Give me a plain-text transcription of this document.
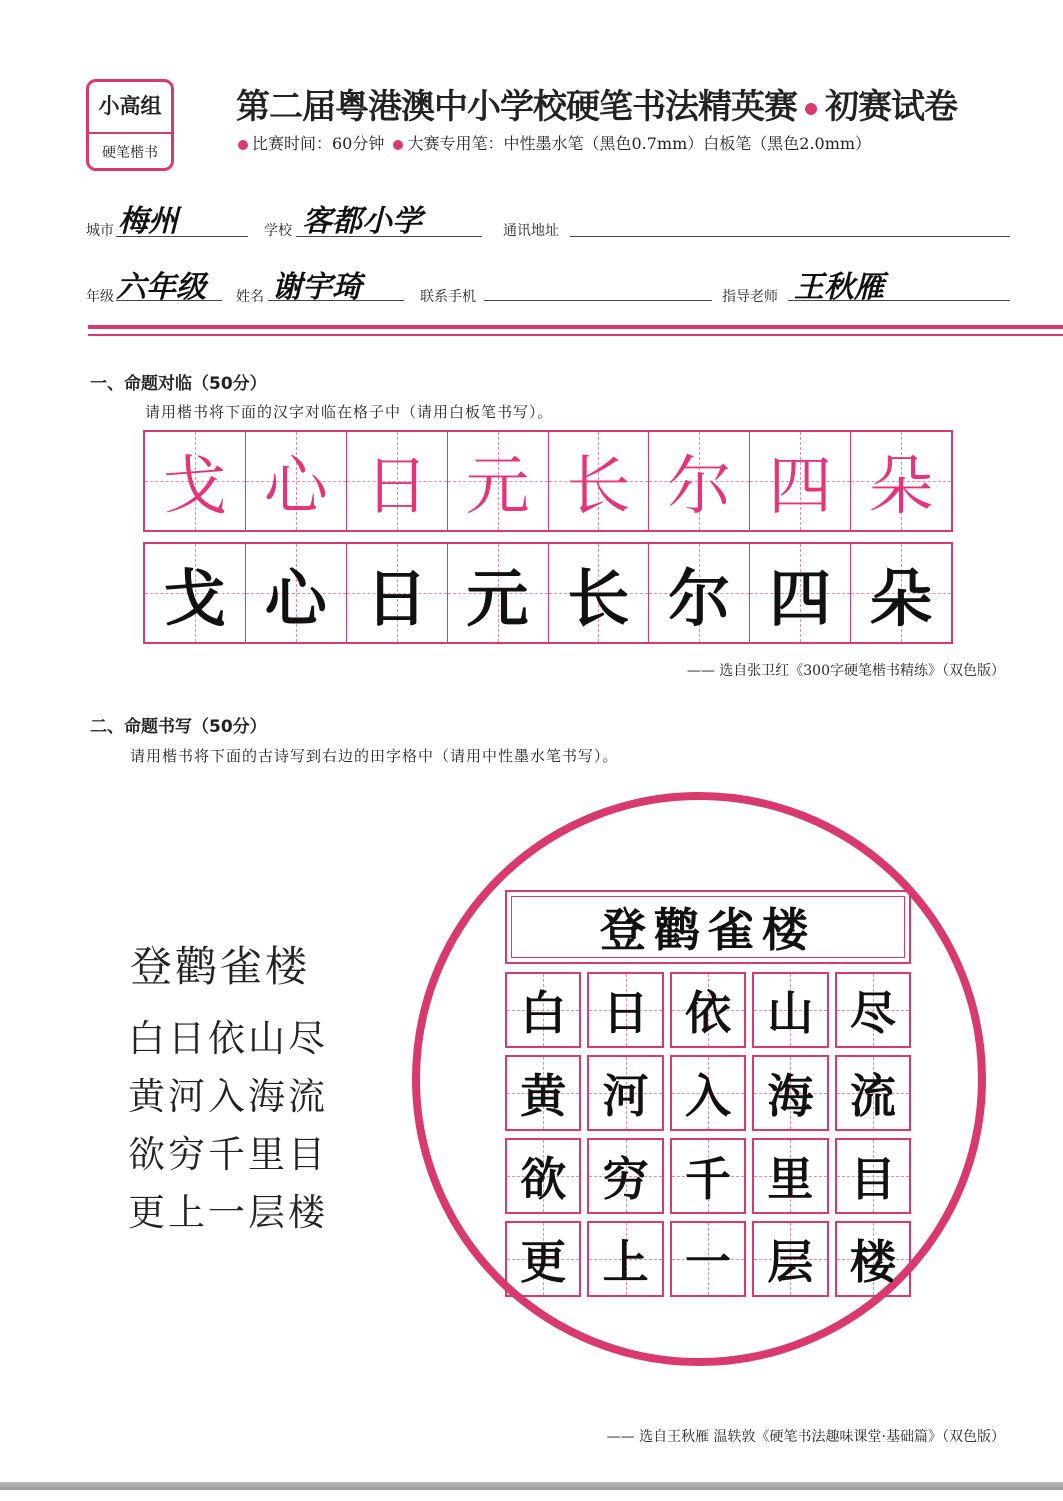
小高组
硬笔楷书
第二届粤港澳中小学校硬笔书法精英赛 初赛试卷
比赛时间：60分钟 大赛专用笔：中性墨水笔（黑色0.7mm）白板笔（黑色2.0mm）
城市 梅州	学校 客都小学	通讯地址
年级 六年级 姓名 谢宇琦	联系手机	指导老师 王秋雁
一、命题对临（50分）
请用楷书将下面的汉字对临在格子中（请用白板笔书写）。
戈 心 日 元 长 尔 四 朵
戈 心 日 元 长 尔 四 朵
—— 选自张卫红《300字硬笔楷书精练》（双色版）
二、命题书写（50分）
请用楷书将下面的古诗写到右边的田字格中（请用中性墨水笔书写）。
登鹳雀楼
白日依山尽
黄河入海流
欲穷千里目
更上一层楼
登鹳雀楼
白 日 依 山 尽
黄 河 入 海 流
欲 穷 千 里 目
更 上 一 层 楼
—— 选自王秋雁 温轶敦《硬笔书法趣味课堂·基础篇》（双色版）
